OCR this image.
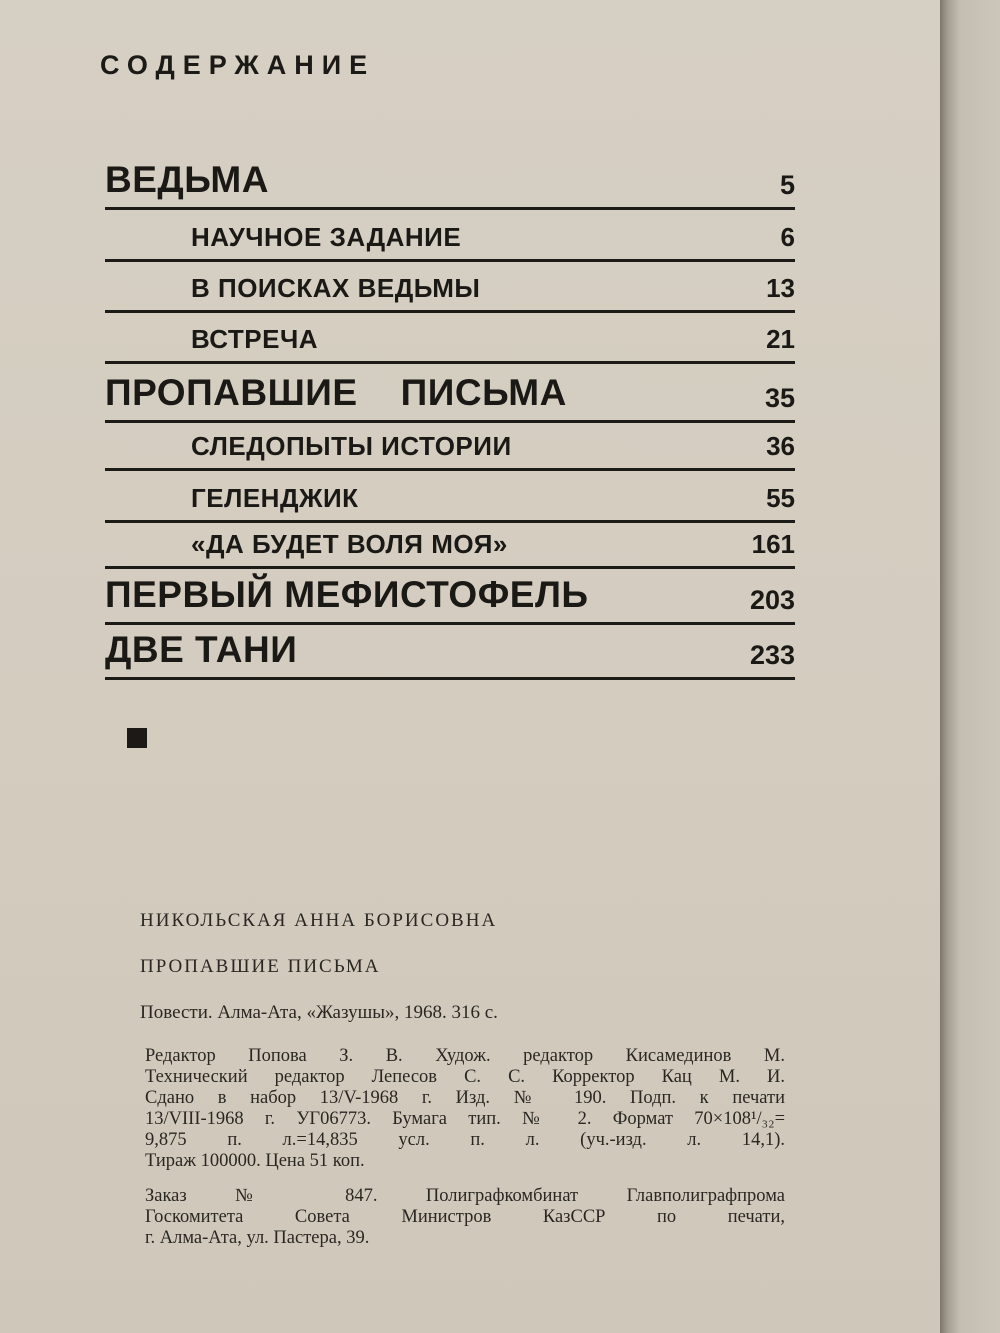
СОДЕРЖАНИЕ
ВЕДЬМА	5
НАУЧНОЕ ЗАДАНИЕ	6
В ПОИСКАХ ВЕДЬМЫ	13
ВСТРЕЧА	21
ПРОПАВШИЕ    ПИСЬМА	35
СЛЕДОПЫТЫ ИСТОРИИ	36
ГЕЛЕНДЖИК	55
«ДА БУДЕТ ВОЛЯ МОЯ»	161
ПЕРВЫЙ МЕФИСТОФЕЛЬ	203
ДВЕ ТАНИ	233
НИКОЛЬСКАЯ АННА БОРИСОВНА
ПРОПАВШИЕ ПИСЬМА
Повести. Алма-Ата, «Жазушы», 1968. 316 с.
Редактор Попова З. В. Худож. редактор Кисамединов М.
Технический редактор Лепесов С. С. Корректор Кац М. И.
Сдано в набор 13/V-1968 г. Изд. № 190. Подп. к печати
13/VIII-1968 г. УГ06773. Бумага тип. № 2. Формат 70×108¹/₃₂=
9,875 п. л.=14,835 усл. п. л. (уч.-изд. л. 14,1).
Тираж 100000. Цена 51 коп.
Заказ № 847. Полиграфкомбинат Главполиграфпрома
Госкомитета Совета Министров КазССР по печати,
г. Алма-Ата, ул. Пастера, 39.
